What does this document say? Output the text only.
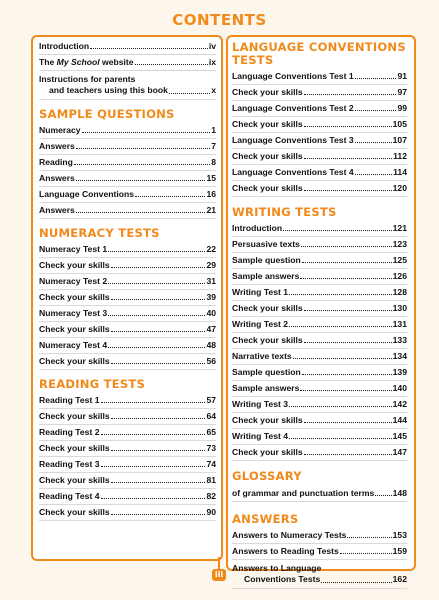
CONTENTS
iii
Introduction	iv
The My School website	ix
Instructions for parents
and teachers using this book	x
SAMPLE QUESTIONS
Numeracy	1
Answers	7
Reading	8
Answers	15
Language Conventions	16
Answers	21
NUMERACY TESTS
Numeracy Test 1	22
Check your skills	29
Numeracy Test 2	31
Check your skills	39
Numeracy Test 3	40
Check your skills	47
Numeracy Test 4	48
Check your skills	56
READING TESTS
Reading Test 1	57
Check your skills	64
Reading Test 2	65
Check your skills	73
Reading Test 3	74
Check your skills	81
Reading Test 4	82
Check your skills	90
LANGUAGE CONVENTIONS
TESTS
Language Conventions Test 1	91
Check your skills	97
Language Conventions Test 2	99
Check your skills	105
Language Conventions Test 3	107
Check your skills	112
Language Conventions Test 4	114
Check your skills	120
WRITING TESTS
Introduction	121
Persuasive texts	123
Sample question	125
Sample answers	126
Writing Test 1	128
Check your skills	130
Writing Test 2	131
Check your skills	133
Narrative texts	134
Sample question	139
Sample answers	140
Writing Test 3	142
Check your skills	144
Writing Test 4	145
Check your skills	147
GLOSSARY
of grammar and punctuation terms 148
ANSWERS
Answers to Numeracy Tests	153
Answers to Reading Tests	159
Answers to Language
Conventions Tests	162
